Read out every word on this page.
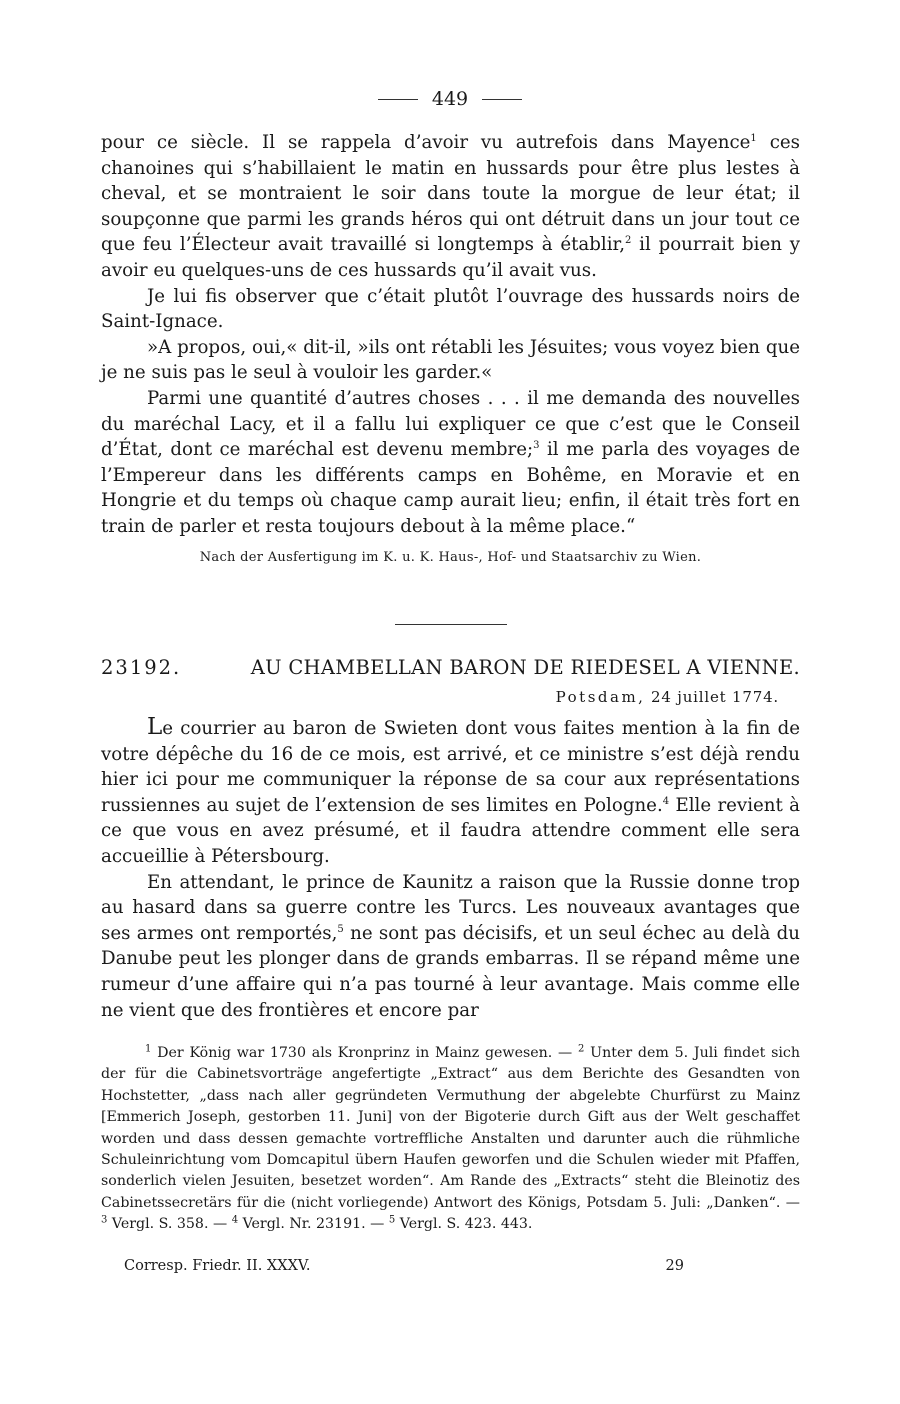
449

pour ce siècle. Il se rappela d’avoir vu autrefois dans Mayence$^1$ ces chanoines qui s’habillaient le matin en hussards pour être plus lestes à cheval, et se montraient le soir dans toute la morgue de leur état; il soupçonne que parmi les grands héros qui ont détruit dans un jour tout ce que feu l’Électeur avait travaillé si longtemps à établir,$^2$ il pourrait bien y avoir eu quelques-uns de ces hussards qu’il avait vus.

Je lui fis observer que c’était plutôt l’ouvrage des hussards noirs de Saint-Ignace.

»A propos, oui,« dit-il, »ils ont rétabli les Jésuites; vous voyez bien que je ne suis pas le seul à vouloir les garder.«

Parmi une quantité d’autres choses . . . il me demanda des nouvelles du maréchal Lacy, et il a fallu lui expliquer ce que c’est que le Conseil d’État, dont ce maréchal est devenu membre;$^3$ il me parla des voyages de l’Empereur dans les différents camps en Bohême, en Moravie et en Hongrie et du temps où chaque camp aurait lieu; enfin, il était très fort en train de parler et resta toujours debout à la même place.“

Nach der Ausfertigung im K. u. K. Haus-, Hof- und Staatsarchiv zu Wien.

23192.	AU CHAMBELLAN BARON DE RIEDESEL A VIENNE.
Potsdam, 24 juillet 1774.

Le courrier au baron de Swieten dont vous faites mention à la fin de votre dépêche du 16 de ce mois, est arrivé, et ce ministre s’est déjà rendu hier ici pour me communiquer la réponse de sa cour aux représentations russiennes au sujet de l’extension de ses limites en Pologne.$^4$ Elle revient à ce que vous en avez présumé, et il faudra attendre comment elle sera accueillie à Pétersbourg.

En attendant, le prince de Kaunitz a raison que la Russie donne trop au hasard dans sa guerre contre les Turcs. Les nouveaux avantages que ses armes ont remportés,$^5$ ne sont pas décisifs, et un seul échec au delà du Danube peut les plonger dans de grands embarras. Il se répand même une rumeur d’une affaire qui n’a pas tourné à leur avantage. Mais comme elle ne vient que des frontières et encore par

$^1$ Der König war 1730 als Kronprinz in Mainz gewesen. — $^2$ Unter dem 5. Juli findet sich der für die Cabinetsvorträge angefertigte „Extract“ aus dem Berichte des Gesandten von Hochstetter, „dass nach aller gegründeten Vermuthung der abgelebte Churfürst zu Mainz [Emmerich Joseph, gestorben 11. Juni] von der Bigoterie durch Gift aus der Welt geschaffet worden und dass dessen gemachte vortreffliche Anstalten und darunter auch die rühmliche Schuleinrichtung vom Domcapitul übern Haufen geworfen und die Schulen wieder mit Pfaffen, sonderlich vielen Jesuiten, besetzet worden“. Am Rande des „Extracts“ steht die Bleinotiz des Cabinetssecretärs für die (nicht vorliegende) Antwort des Königs, Potsdam 5. Juli: „Danken“. — $^3$ Vergl. S. 358. — $^4$ Vergl. Nr. 23191. — $^5$ Vergl. S. 423. 443.

Corresp. Friedr. II. XXXV.	29
